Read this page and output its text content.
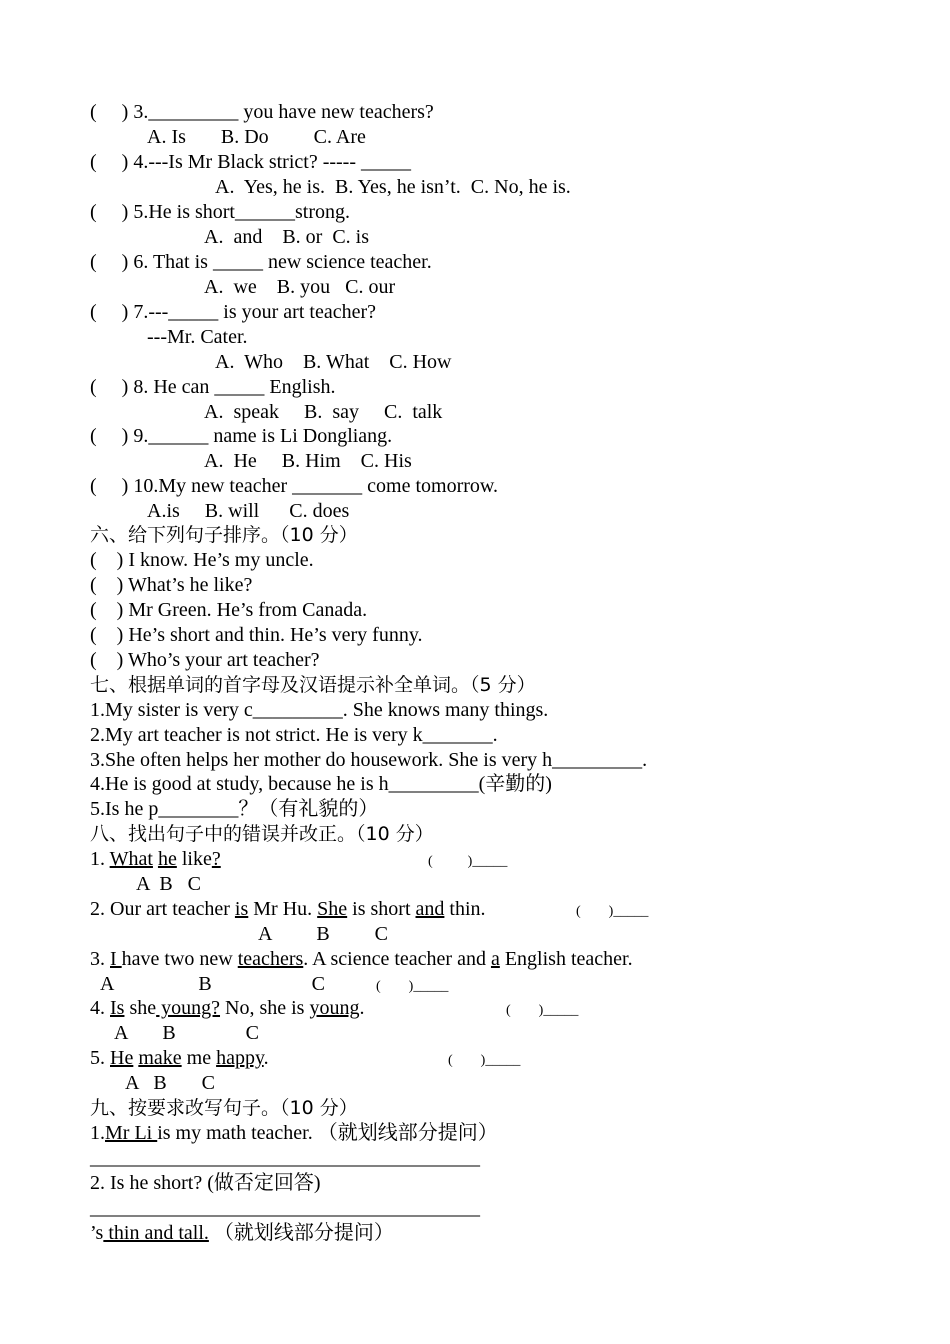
(     ) 3._________ you have new teachers?
A. Is       B. Do         C. Are
(     ) 4.---Is Mr Black strict? ----- _____
A.  Yes, he is.  B. Yes, he isn’t.  C. No, he is.
(     ) 5.He is short______strong.
A.  and    B. or  C. is
(     ) 6. That is _____ new science teacher.
A.  we    B. you   C. our
(     ) 7.---_____ is your art teacher?
---Mr. Cater.
A.  Who    B. What    C. How
(     ) 8. He can _____ English.
A.  speak     B.  say     C.  talk
(     ) 9.______ name is Li Dongliang.
A.  He     B. Him    C. His
(     ) 10.My new teacher _______ come tomorrow.
A.is     B. will      C. does
六、给下列句子排序。（10 分）
(    ) I know. He’s my uncle.
(    ) What’s he like?
(    ) Mr Green. He’s from Canada.
(    ) He’s short and thin. He’s very funny.
(    ) Who’s your art teacher?
七、根据单词的首字母及汉语提示补全单词。（5 分）
1.My sister is very c_________. She knows many things.
2.My art teacher is not strict. He is very k_______.
3.She often helps her mother do housework. She is very h_________.
4.He is good at study, because he is h_________(辛勤的)
5.Is he p________？（有礼貌的）
八、找出句子中的错误并改正。（10 分）
1. What he like?	(          )_____
A  B   C
2. Our art teacher is Mr Hu. She is short and thin.	(        )_____
A         B         C
3. I have two new teachers. A science teacher and a English teacher.
A                 B                    C	(        )_____
4. Is she young? No, she is young.	(        )_____
A       B              C
5. He make me happy.	(        )_____
A   B       C
九、按要求改写句子。（10 分）
1.Mr Li is my math teacher. （就划线部分提问）
_______________________________________
2. Is he short? (做否定回答)
_______________________________________
’s thin and tall. （就划线部分提问）
